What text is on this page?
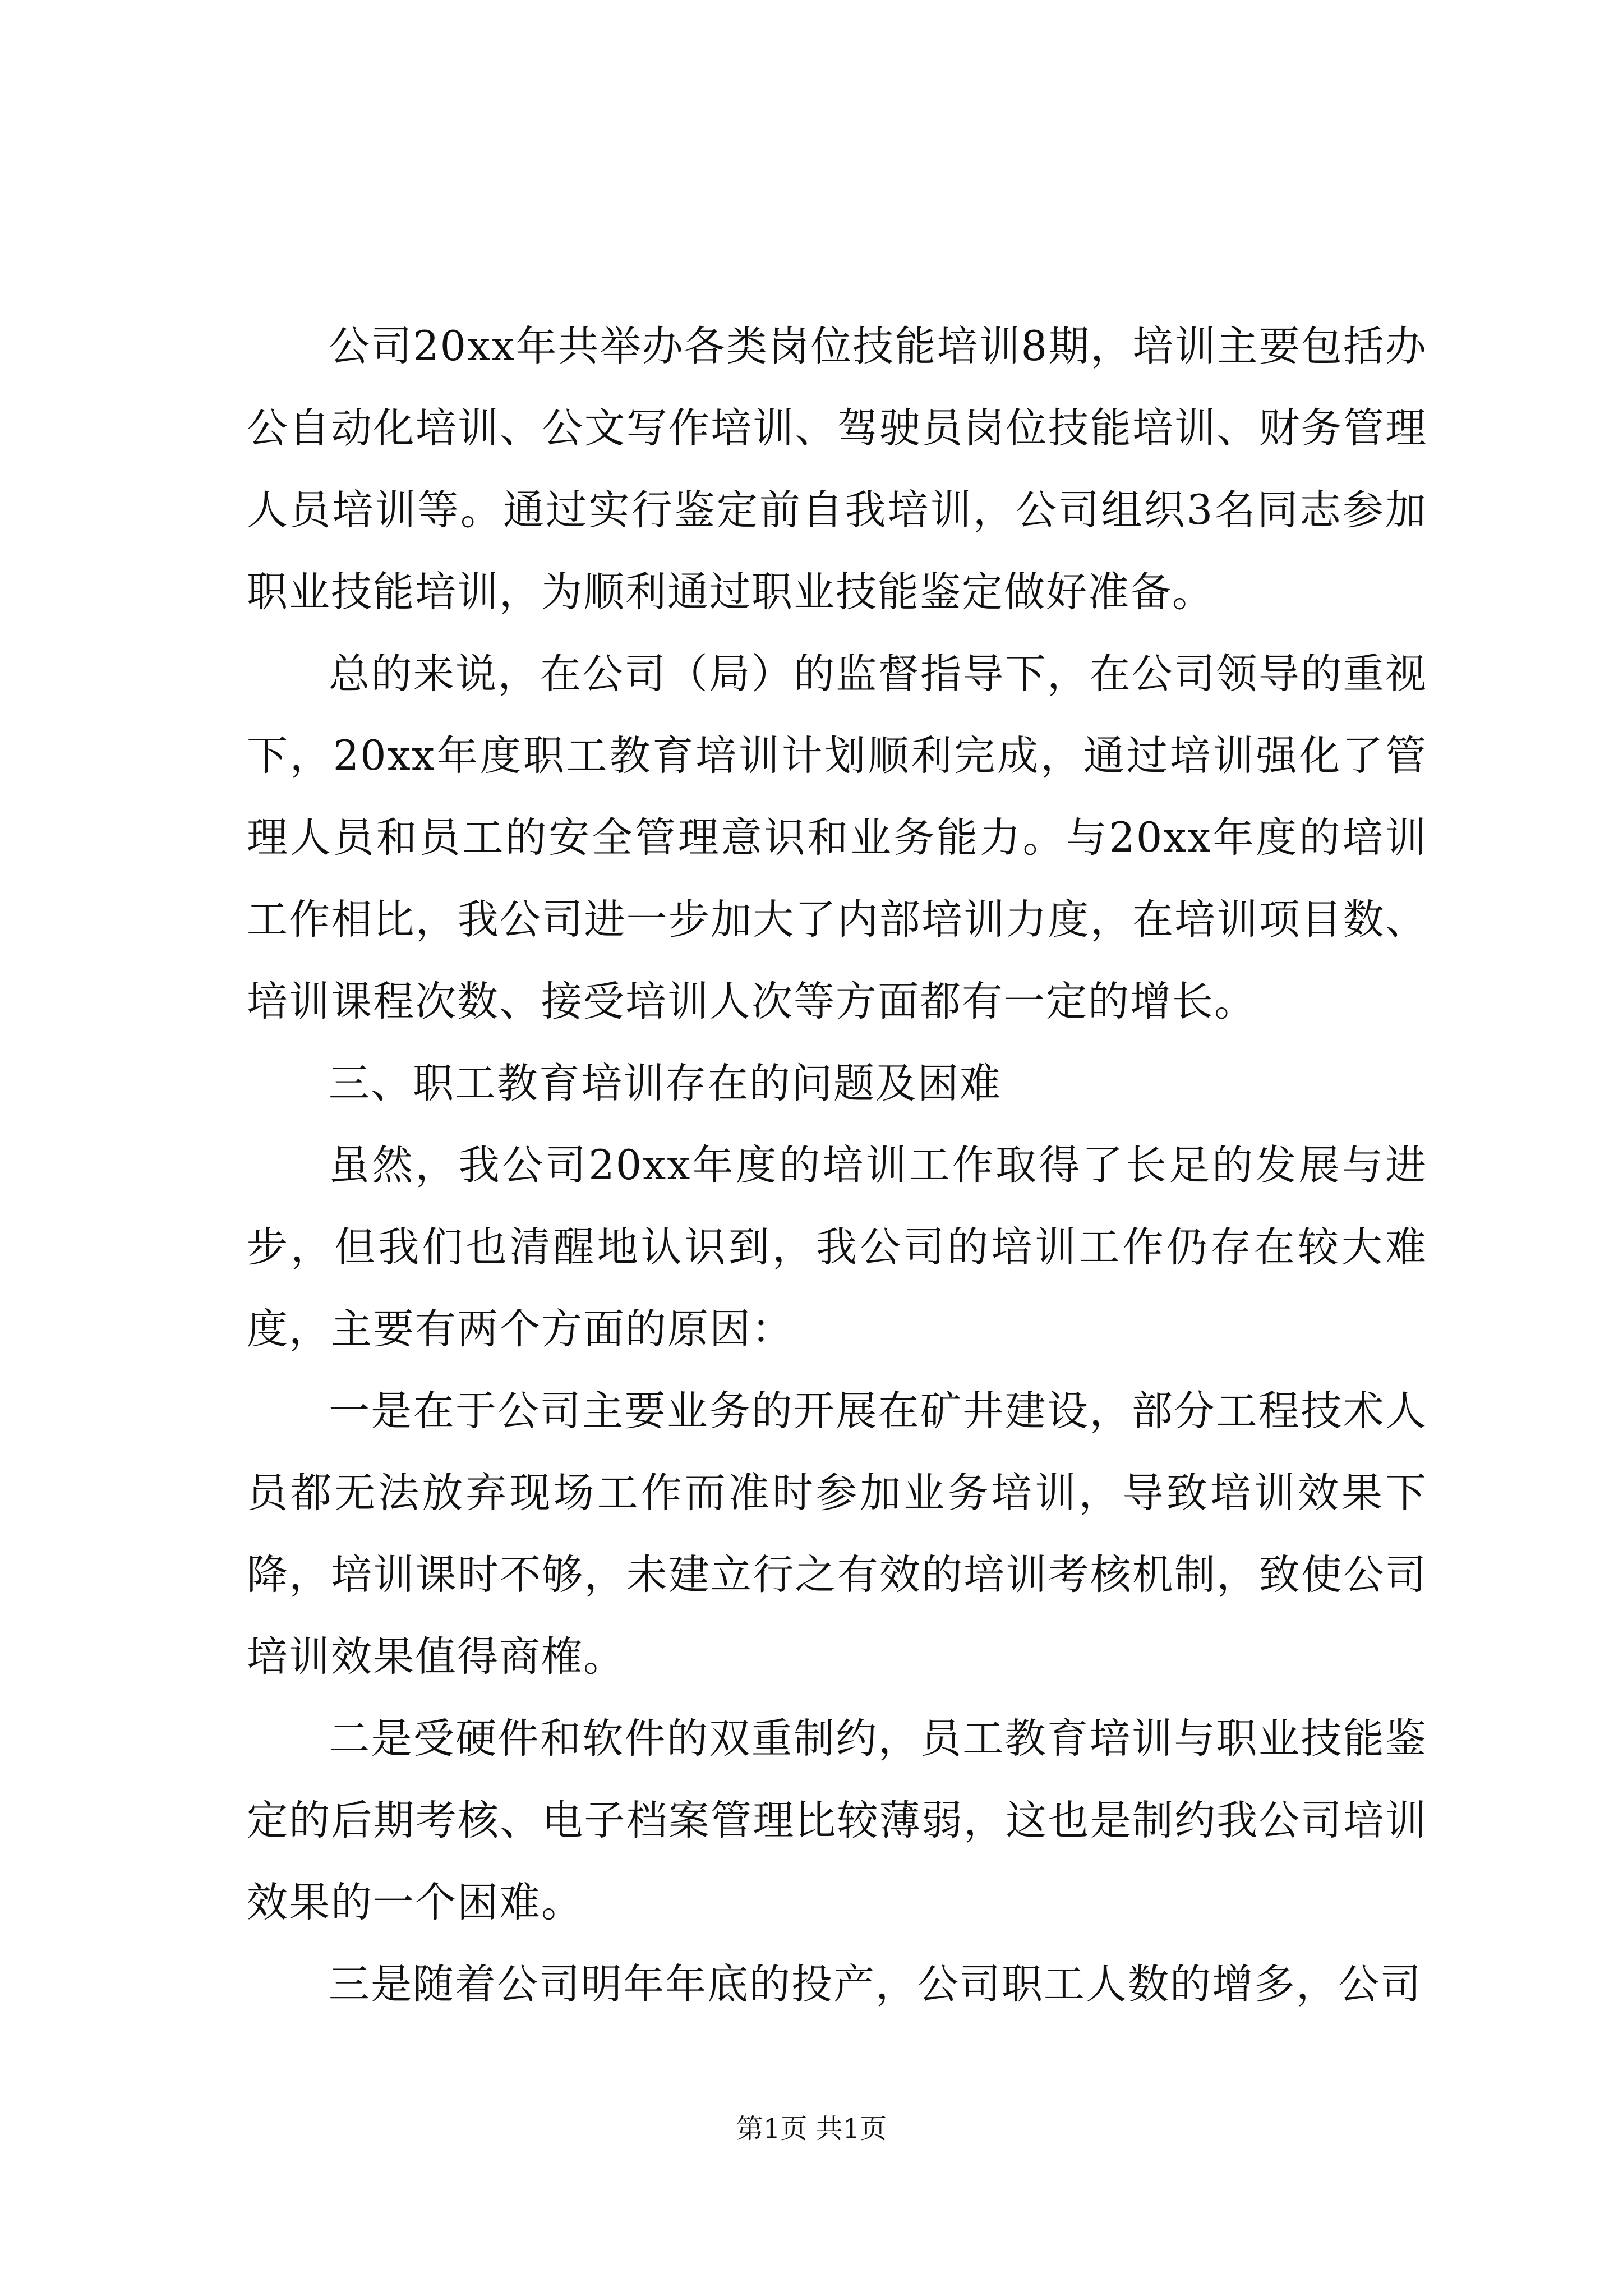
公司20xx年共举办各类岗位技能培训8期，培训主要包括办公自动化培训、公文写作培训、驾驶员岗位技能培训、财务管理人员培训等。通过实行鉴定前自我培训，公司组织3名同志参加职业技能培训，为顺利通过职业技能鉴定做好准备。

总的来说，在公司（局）的监督指导下，在公司领导的重视下，20xx年度职工教育培训计划顺利完成，通过培训强化了管理人员和员工的安全管理意识和业务能力。与20xx年度的培训工作相比，我公司进一步加大了内部培训力度，在培训项目数、培训课程次数、接受培训人次等方面都有一定的增长。

三、职工教育培训存在的问题及困难

虽然，我公司20xx年度的培训工作取得了长足的发展与进步，但我们也清醒地认识到，我公司的培训工作仍存在较大难度，主要有两个方面的原因：

一是在于公司主要业务的开展在矿井建设，部分工程技术人员都无法放弃现场工作而准时参加业务培训，导致培训效果下降，培训课时不够，未建立行之有效的培训考核机制，致使公司培训效果值得商榷。

二是受硬件和软件的双重制约，员工教育培训与职业技能鉴定的后期考核、电子档案管理比较薄弱，这也是制约我公司培训效果的一个困难。

三是随着公司明年年底的投产，公司职工人数的增多，公司

第1页 共1页
